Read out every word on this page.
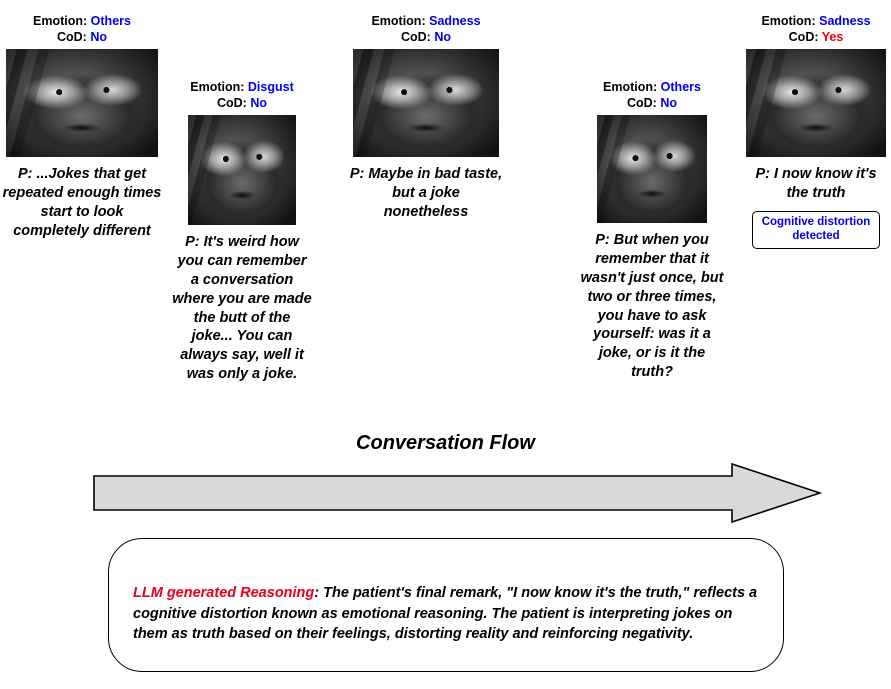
Emotion: Others
CoD: No
P: ...Jokes that get repeated enough times start to look completely different
Emotion: Disgust
CoD: No
P: It's weird how you can remember a conversation where you are made the butt of the joke... You can always say, well it was only a joke.
Emotion: Sadness
CoD: No
P: Maybe in bad taste, but a joke nonetheless
Emotion: Others
CoD: No
P: But when you remember that it wasn't just once, but two or three times, you have to ask yourself: was it a joke, or is it the truth?
Emotion: Sadness
CoD: Yes
P: I now know it's the truth
Cognitive distortion detected
Conversation Flow
LLM generated Reasoning: The patient's final remark, "I now know it's the truth," reflects a cognitive distortion known as emotional reasoning. The patient is interpreting jokes on them as truth based on their feelings, distorting reality and reinforcing negativity.
